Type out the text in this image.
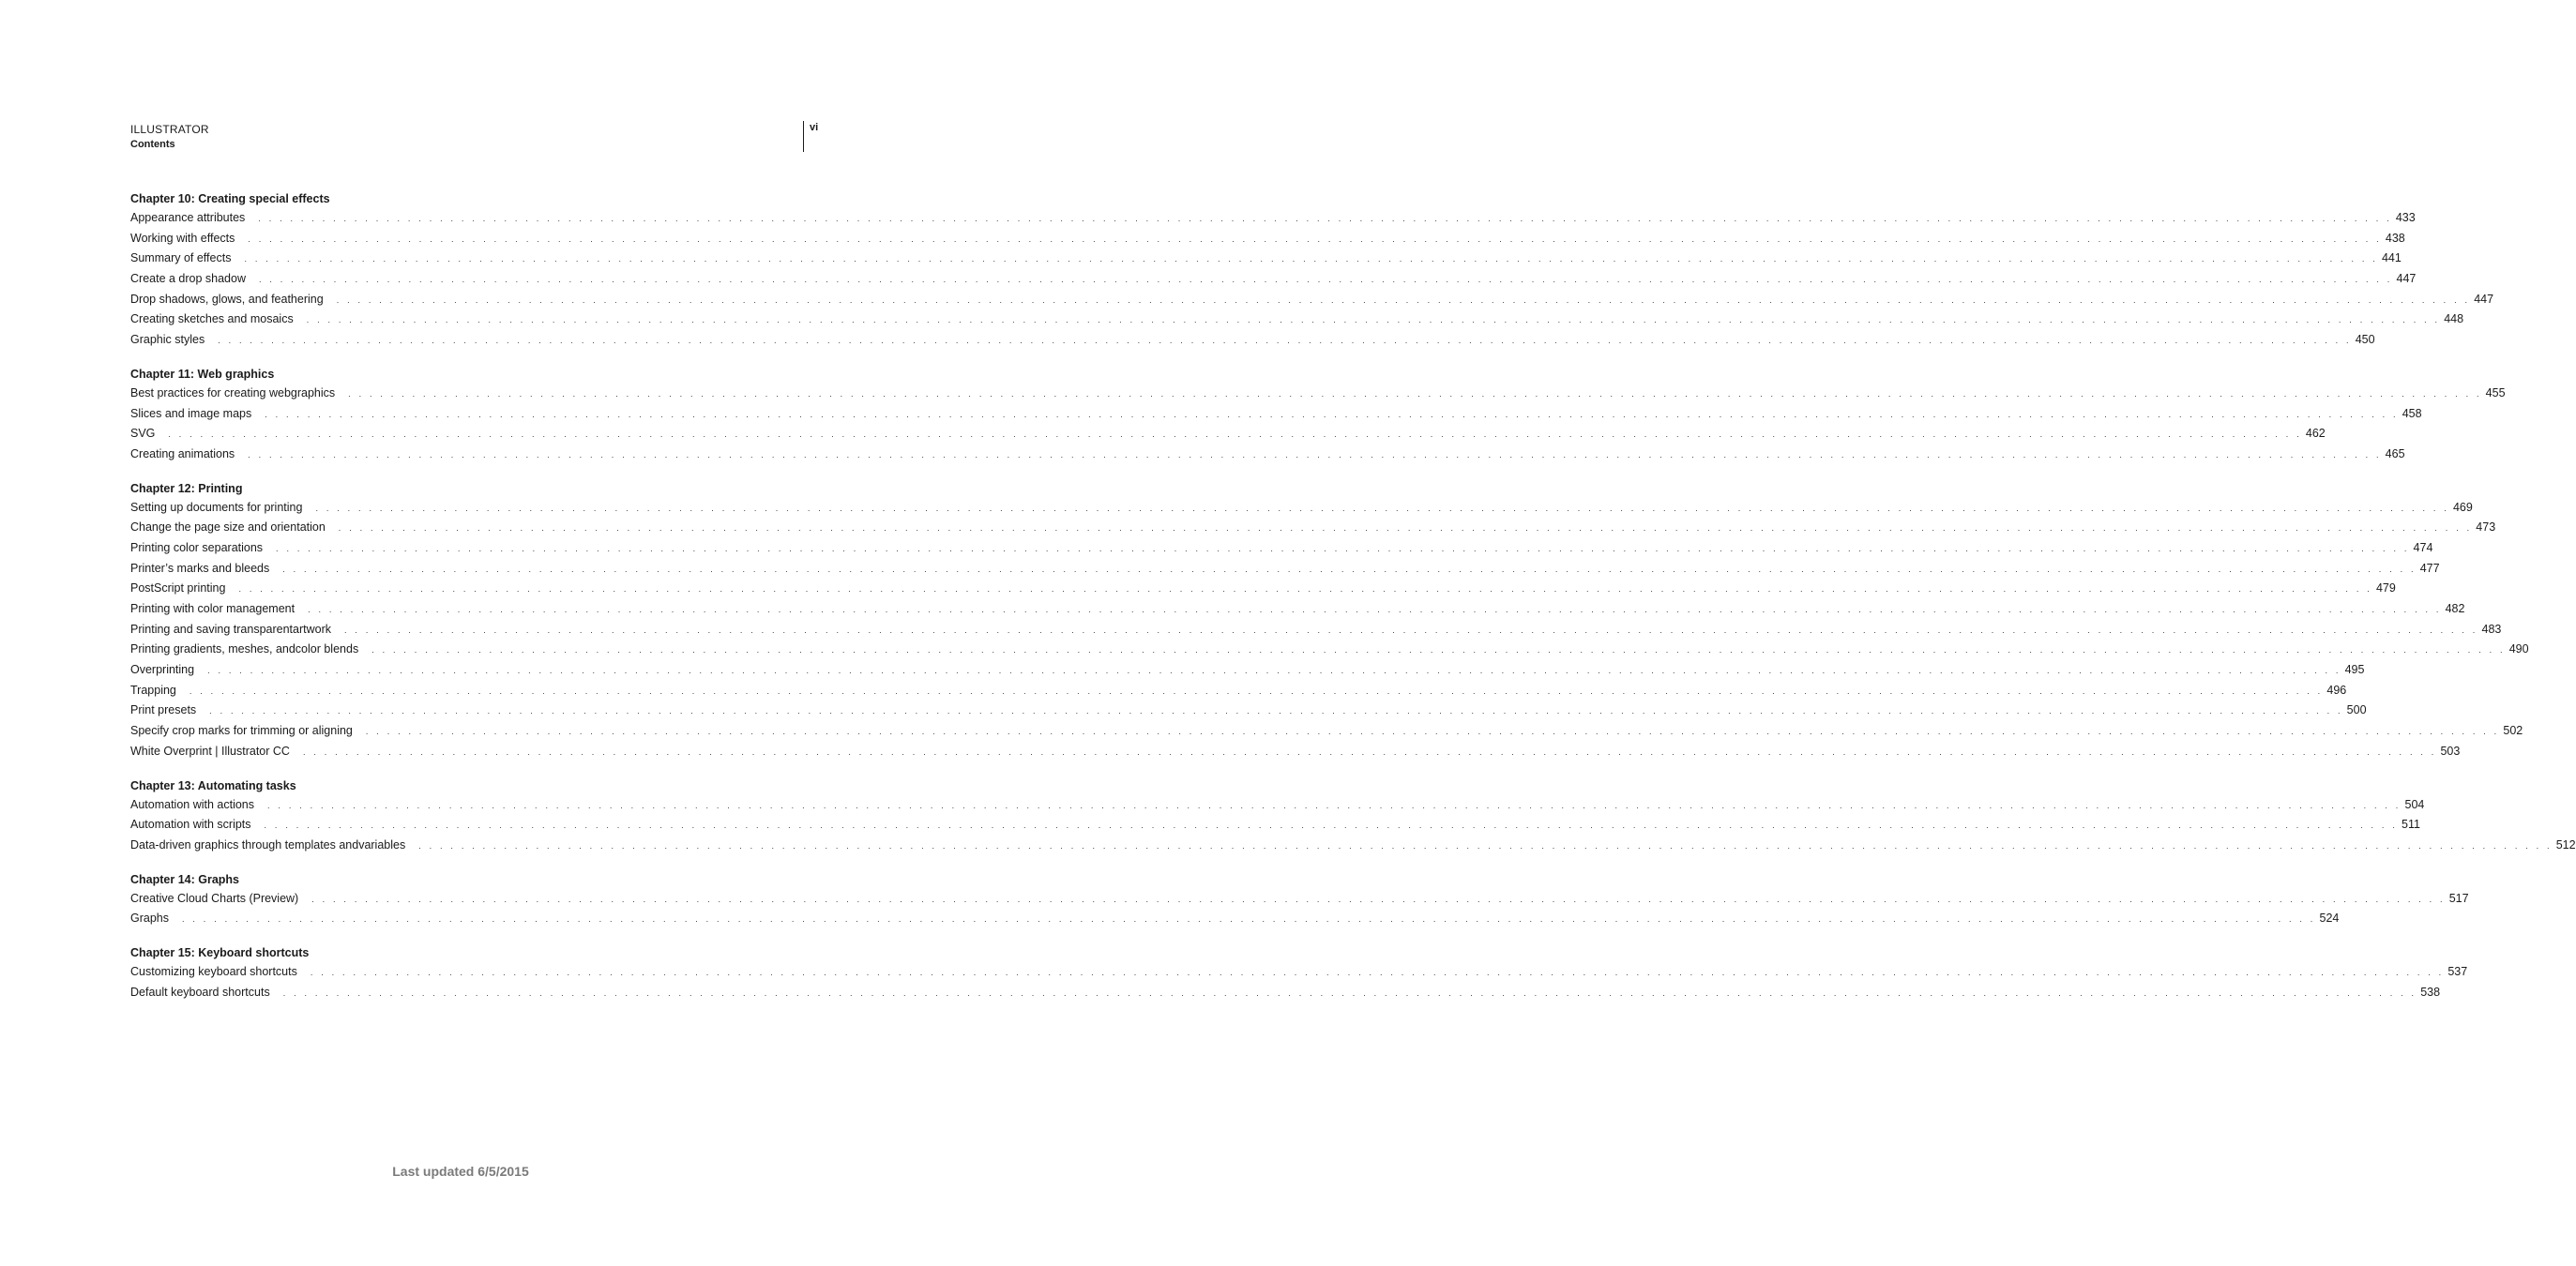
ILLUSTRATOR
Contents
vi
Chapter 10: Creating special effects
Appearance attributes . . . . . . . . . . . . . . . . . . . . . . . . . . . . . . . . . . . . . . . . . . . . . . . . . . . . . . . . . . . . . . . . . . . . . . . . . . . . . . . . . . . . . . . . . . . . . . . . . . . . . . . . . . . . . . . . . . . . . . . . . . . . . . . . . . . . . . . . . . . . . . . . . . . . . . . . . . . . . . . . . . . . . . . . . . . . . . . . . . . . . . . . . . . . . . . . . . . . . . . . 433
Working with effects . . . . . . . . . . . . . . . . . . . . . . . . . . . . . . . . . . . . . . . . . . . . . . . . . . . . . . . . . . . . . . . . . . . . . . . . . . . . . . . . . . . . . . . . . . . . . . . . . . . . . . . . . . . . . . . . . . . . . . . . . . . . . . . . . . . . . . . . . . . . . . . . . . . . . . . . . . . . . . . . . . . . . . . . . . . . . . . . . . . . . . . . . . . . . . . . . . . . . . . . 438
Summary of effects . . . . . . . . . . . . . . . . . . . . . . . . . . . . . . . . . . . . . . . . . . . . . . . . . . . . . . . . . . . . . . . . . . . . . . . . . . . . . . . . . . . . . . . . . . . . . . . . . . . . . . . . . . . . . . . . . . . . . . . . . . . . . . . . . . . . . . . . . . . . . . . . . . . . . . . . . . . . . . . . . . . . . . . . . . . . . . . . . . . . . . . . . . . . . . . . . . . . . . . . 441
Create a drop shadow . . . . . . . . . . . . . . . . . . . . . . . . . . . . . . . . . . . . . . . . . . . . . . . . . . . . . . . . . . . . . . . . . . . . . . . . . . . . . . . . . . . . . . . . . . . . . . . . . . . . . . . . . . . . . . . . . . . . . . . . . . . . . . . . . . . . . . . . . . . . . . . . . . . . . . . . . . . . . . . . . . . . . . . . . . . . . . . . . . . . . . . . . . . . . . . . . . . . . . . . 447
Drop shadows, glows, and feathering . . . . . . . . . . . . . . . . . . . . . . . . . . . . . . . . . . . . . . . . . . . . . . . . . . . . . . . . . . . . . . . . . . . . . . . . . . . . . . . . . . . . . . . . . . . . . . . . . . . . . . . . . . . . . . . . . . . . . . . . . . . . . . . . . . . . . . . . . . . . . . . . . . . . . . . . . . . . . . . . . . . . . . . . . . . . . . . . . . . . . . . . . . . . . . . . . . . . . . . . 447
Creating sketches and mosaics . . . . . . . . . . . . . . . . . . . . . . . . . . . . . . . . . . . . . . . . . . . . . . . . . . . . . . . . . . . . . . . . . . . . . . . . . . . . . . . . . . . . . . . . . . . . . . . . . . . . . . . . . . . . . . . . . . . . . . . . . . . . . . . . . . . . . . . . . . . . . . . . . . . . . . . . . . . . . . . . . . . . . . . . . . . . . . . . . . . . . . . . . . . . . . . . . . . . . . . . 448
Graphic styles . . . . . . . . . . . . . . . . . . . . . . . . . . . . . . . . . . . . . . . . . . . . . . . . . . . . . . . . . . . . . . . . . . . . . . . . . . . . . . . . . . . . . . . . . . . . . . . . . . . . . . . . . . . . . . . . . . . . . . . . . . . . . . . . . . . . . . . . . . . . . . . . . . . . . . . . . . . . . . . . . . . . . . . . . . . . . . . . . . . . . . . . . . . . . . . . . . . . . . . . 450
Chapter 11: Web graphics
Best practices for creating webgraphics . . . . . . . . . . . . . . . . . . . . . . . . . . . . . . . . . . . . . . . . . . . . . . . . . . . . . . . . . . . . . . . . . . . . . . . . . . . . . . . . . . . . . . . . . . . . . . . . . . . . . . . . . . . . . . . . . . . . . . . . . . . . . . . . . . . . . . . . . . . . . . . . . . . . . . . . . . . . . . . . . . . . . . . . . . . . . . . . . . . . . . . . . . . . . . . . . . . . . . . . 455
Slices and image maps . . . . . . . . . . . . . . . . . . . . . . . . . . . . . . . . . . . . . . . . . . . . . . . . . . . . . . . . . . . . . . . . . . . . . . . . . . . . . . . . . . . . . . . . . . . . . . . . . . . . . . . . . . . . . . . . . . . . . . . . . . . . . . . . . . . . . . . . . . . . . . . . . . . . . . . . . . . . . . . . . . . . . . . . . . . . . . . . . . . . . . . . . . . . . . . . . . . . . . . . 458
SVG . . . . . . . . . . . . . . . . . . . . . . . . . . . . . . . . . . . . . . . . . . . . . . . . . . . . . . . . . . . . . . . . . . . . . . . . . . . . . . . . . . . . . . . . . . . . . . . . . . . . . . . . . . . . . . . . . . . . . . . . . . . . . . . . . . . . . . . . . . . . . . . . . . . . . . . . . . . . . . . . . . . . . . . . . . . . . . . . . . . . . . . . . . . . . . . . . . . . . . . . 462
Creating animations . . . . . . . . . . . . . . . . . . . . . . . . . . . . . . . . . . . . . . . . . . . . . . . . . . . . . . . . . . . . . . . . . . . . . . . . . . . . . . . . . . . . . . . . . . . . . . . . . . . . . . . . . . . . . . . . . . . . . . . . . . . . . . . . . . . . . . . . . . . . . . . . . . . . . . . . . . . . . . . . . . . . . . . . . . . . . . . . . . . . . . . . . . . . . . . . . . . . . . . . 465
Chapter 12: Printing
Setting up documents for printing . . . . . . . . . . . . . . . . . . . . . . . . . . . . . . . . . . . . . . . . . . . . . . . . . . . . . . . . . . . . . . . . . . . . . . . . . . . . . . . . . . . . . . . . . . . . . . . . . . . . . . . . . . . . . . . . . . . . . . . . . . . . . . . . . . . . . . . . . . . . . . . . . . . . . . . . . . . . . . . . . . . . . . . . . . . . . . . . . . . . . . . . . . . . . . . . . . . . . . . . 469
Change the page size and orientation . . . . . . . . . . . . . . . . . . . . . . . . . . . . . . . . . . . . . . . . . . . . . . . . . . . . . . . . . . . . . . . . . . . . . . . . . . . . . . . . . . . . . . . . . . . . . . . . . . . . . . . . . . . . . . . . . . . . . . . . . . . . . . . . . . . . . . . . . . . . . . . . . . . . . . . . . . . . . . . . . . . . . . . . . . . . . . . . . . . . . . . . . . . . . . . . . . . . . . . . 473
Printing color separations . . . . . . . . . . . . . . . . . . . . . . . . . . . . . . . . . . . . . . . . . . . . . . . . . . . . . . . . . . . . . . . . . . . . . . . . . . . . . . . . . . . . . . . . . . . . . . . . . . . . . . . . . . . . . . . . . . . . . . . . . . . . . . . . . . . . . . . . . . . . . . . . . . . . . . . . . . . . . . . . . . . . . . . . . . . . . . . . . . . . . . . . . . . . . . . . . . . . . . . . 474
Printer’s marks and bleeds . . . . . . . . . . . . . . . . . . . . . . . . . . . . . . . . . . . . . . . . . . . . . . . . . . . . . . . . . . . . . . . . . . . . . . . . . . . . . . . . . . . . . . . . . . . . . . . . . . . . . . . . . . . . . . . . . . . . . . . . . . . . . . . . . . . . . . . . . . . . . . . . . . . . . . . . . . . . . . . . . . . . . . . . . . . . . . . . . . . . . . . . . . . . . . . . . . . . . . . . 477
PostScript printing . . . . . . . . . . . . . . . . . . . . . . . . . . . . . . . . . . . . . . . . . . . . . . . . . . . . . . . . . . . . . . . . . . . . . . . . . . . . . . . . . . . . . . . . . . . . . . . . . . . . . . . . . . . . . . . . . . . . . . . . . . . . . . . . . . . . . . . . . . . . . . . . . . . . . . . . . . . . . . . . . . . . . . . . . . . . . . . . . . . . . . . . . . . . . . . . . . . . . . . . 479
Printing with color management . . . . . . . . . . . . . . . . . . . . . . . . . . . . . . . . . . . . . . . . . . . . . . . . . . . . . . . . . . . . . . . . . . . . . . . . . . . . . . . . . . . . . . . . . . . . . . . . . . . . . . . . . . . . . . . . . . . . . . . . . . . . . . . . . . . . . . . . . . . . . . . . . . . . . . . . . . . . . . . . . . . . . . . . . . . . . . . . . . . . . . . . . . . . . . . . . . . . . . . . 482
Printing and saving transparentartwork . . . . . . . . . . . . . . . . . . . . . . . . . . . . . . . . . . . . . . . . . . . . . . . . . . . . . . . . . . . . . . . . . . . . . . . . . . . . . . . . . . . . . . . . . . . . . . . . . . . . . . . . . . . . . . . . . . . . . . . . . . . . . . . . . . . . . . . . . . . . . . . . . . . . . . . . . . . . . . . . . . . . . . . . . . . . . . . . . . . . . . . . . . . . . . . . . . . . . . . . 483
Printing gradients, meshes, andcolor blends . . . . . . . . . . . . . . . . . . . . . . . . . . . . . . . . . . . . . . . . . . . . . . . . . . . . . . . . . . . . . . . . . . . . . . . . . . . . . . . . . . . . . . . . . . . . . . . . . . . . . . . . . . . . . . . . . . . . . . . . . . . . . . . . . . . . . . . . . . . . . . . . . . . . . . . . . . . . . . . . . . . . . . . . . . . . . . . . . . . . . . . . . . . . . . . . . . . . . . . . 490
Overprinting . . . . . . . . . . . . . . . . . . . . . . . . . . . . . . . . . . . . . . . . . . . . . . . . . . . . . . . . . . . . . . . . . . . . . . . . . . . . . . . . . . . . . . . . . . . . . . . . . . . . . . . . . . . . . . . . . . . . . . . . . . . . . . . . . . . . . . . . . . . . . . . . . . . . . . . . . . . . . . . . . . . . . . . . . . . . . . . . . . . . . . . . . . . . . . . . . . . . . . . . 495
Trapping . . . . . . . . . . . . . . . . . . . . . . . . . . . . . . . . . . . . . . . . . . . . . . . . . . . . . . . . . . . . . . . . . . . . . . . . . . . . . . . . . . . . . . . . . . . . . . . . . . . . . . . . . . . . . . . . . . . . . . . . . . . . . . . . . . . . . . . . . . . . . . . . . . . . . . . . . . . . . . . . . . . . . . . . . . . . . . . . . . . . . . . . . . . . . . . . . . . . . . . . 496
Print presets . . . . . . . . . . . . . . . . . . . . . . . . . . . . . . . . . . . . . . . . . . . . . . . . . . . . . . . . . . . . . . . . . . . . . . . . . . . . . . . . . . . . . . . . . . . . . . . . . . . . . . . . . . . . . . . . . . . . . . . . . . . . . . . . . . . . . . . . . . . . . . . . . . . . . . . . . . . . . . . . . . . . . . . . . . . . . . . . . . . . . . . . . . . . . . . . . . . . . . . . 500
Specify crop marks for trimming or aligning . . . . . . . . . . . . . . . . . . . . . . . . . . . . . . . . . . . . . . . . . . . . . . . . . . . . . . . . . . . . . . . . . . . . . . . . . . . . . . . . . . . . . . . . . . . . . . . . . . . . . . . . . . . . . . . . . . . . . . . . . . . . . . . . . . . . . . . . . . . . . . . . . . . . . . . . . . . . . . . . . . . . . . . . . . . . . . . . . . . . . . . . . . . . . . . . . . . . . . . . 502
White Overprint | Illustrator CC . . . . . . . . . . . . . . . . . . . . . . . . . . . . . . . . . . . . . . . . . . . . . . . . . . . . . . . . . . . . . . . . . . . . . . . . . . . . . . . . . . . . . . . . . . . . . . . . . . . . . . . . . . . . . . . . . . . . . . . . . . . . . . . . . . . . . . . . . . . . . . . . . . . . . . . . . . . . . . . . . . . . . . . . . . . . . . . . . . . . . . . . . . . . . . . . . . . . . . . . 503
Chapter 13: Automating tasks
Automation with actions . . . . . . . . . . . . . . . . . . . . . . . . . . . . . . . . . . . . . . . . . . . . . . . . . . . . . . . . . . . . . . . . . . . . . . . . . . . . . . . . . . . . . . . . . . . . . . . . . . . . . . . . . . . . . . . . . . . . . . . . . . . . . . . . . . . . . . . . . . . . . . . . . . . . . . . . . . . . . . . . . . . . . . . . . . . . . . . . . . . . . . . . . . . . . . . . . . . . . . . . 504
Automation with scripts . . . . . . . . . . . . . . . . . . . . . . . . . . . . . . . . . . . . . . . . . . . . . . . . . . . . . . . . . . . . . . . . . . . . . . . . . . . . . . . . . . . . . . . . . . . . . . . . . . . . . . . . . . . . . . . . . . . . . . . . . . . . . . . . . . . . . . . . . . . . . . . . . . . . . . . . . . . . . . . . . . . . . . . . . . . . . . . . . . . . . . . . . . . . . . . . . . . . . . . . 511
Data-driven graphics through templates andvariables . . . . . . . . . . . . . . . . . . . . . . . . . . . . . . . . . . . . . . . . . . . . . . . . . . . . . . . . . . . . . . . . . . . . . . . . . . . . . . . . . . . . . . . . . . . . . . . . . . . . . . . . . . . . . . . . . . . . . . . . . . . . . . . . . . . . . . . . . . . . . . . . . . . . . . . . . . . . . . . . . . . . . . . . . . . . . . . . . . . . . . . . . . . . . . . . . . . . . . . . 512
Chapter 14: Graphs
Creative Cloud Charts (Preview) . . . . . . . . . . . . . . . . . . . . . . . . . . . . . . . . . . . . . . . . . . . . . . . . . . . . . . . . . . . . . . . . . . . . . . . . . . . . . . . . . . . . . . . . . . . . . . . . . . . . . . . . . . . . . . . . . . . . . . . . . . . . . . . . . . . . . . . . . . . . . . . . . . . . . . . . . . . . . . . . . . . . . . . . . . . . . . . . . . . . . . . . . . . . . . . . . . . . . . . . 517
Graphs . . . . . . . . . . . . . . . . . . . . . . . . . . . . . . . . . . . . . . . . . . . . . . . . . . . . . . . . . . . . . . . . . . . . . . . . . . . . . . . . . . . . . . . . . . . . . . . . . . . . . . . . . . . . . . . . . . . . . . . . . . . . . . . . . . . . . . . . . . . . . . . . . . . . . . . . . . . . . . . . . . . . . . . . . . . . . . . . . . . . . . . . . . . . . . . . . . . . . . . . 524
Chapter 15: Keyboard shortcuts
Customizing keyboard shortcuts . . . . . . . . . . . . . . . . . . . . . . . . . . . . . . . . . . . . . . . . . . . . . . . . . . . . . . . . . . . . . . . . . . . . . . . . . . . . . . . . . . . . . . . . . . . . . . . . . . . . . . . . . . . . . . . . . . . . . . . . . . . . . . . . . . . . . . . . . . . . . . . . . . . . . . . . . . . . . . . . . . . . . . . . . . . . . . . . . . . . . . . . . . . . . . . . . . . . . . . . 537
Default keyboard shortcuts . . . . . . . . . . . . . . . . . . . . . . . . . . . . . . . . . . . . . . . . . . . . . . . . . . . . . . . . . . . . . . . . . . . . . . . . . . . . . . . . . . . . . . . . . . . . . . . . . . . . . . . . . . . . . . . . . . . . . . . . . . . . . . . . . . . . . . . . . . . . . . . . . . . . . . . . . . . . . . . . . . . . . . . . . . . . . . . . . . . . . . . . . . . . . . . . . . . . . . . . 538
Last updated 6/5/2015
